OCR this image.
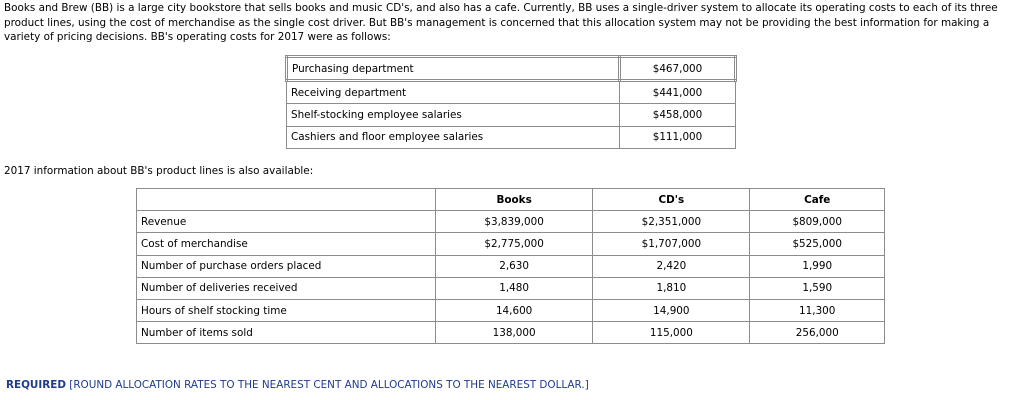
Books and Brew (BB) is a large city bookstore that sells books and music CD's, and also has a cafe. Currently, BB uses a single-driver system to allocate its operating costs to each of its three product lines, using the cost of merchandise as the single cost driver. But BB's management is concerned that this allocation system may not be providing the best information for making a variety of pricing decisions. BB's operating costs for 2017 were as follows:

Purchasing department	$467,000
Receiving department	$441,000
Shelf-stocking employee salaries	$458,000
Cashiers and floor employee salaries	$111,000

2017 information about BB's product lines is also available:

	Books	CD's	Cafe
Revenue	$3,839,000	$2,351,000	$809,000
Cost of merchandise	$2,775,000	$1,707,000	$525,000
Number of purchase orders placed	2,630	2,420	1,990
Number of deliveries received	1,480	1,810	1,590
Hours of shelf stocking time	14,600	14,900	11,300
Number of items sold	138,000	115,000	256,000

REQUIRED [ROUND ALLOCATION RATES TO THE NEAREST CENT AND ALLOCATIONS TO THE NEAREST DOLLAR.]
